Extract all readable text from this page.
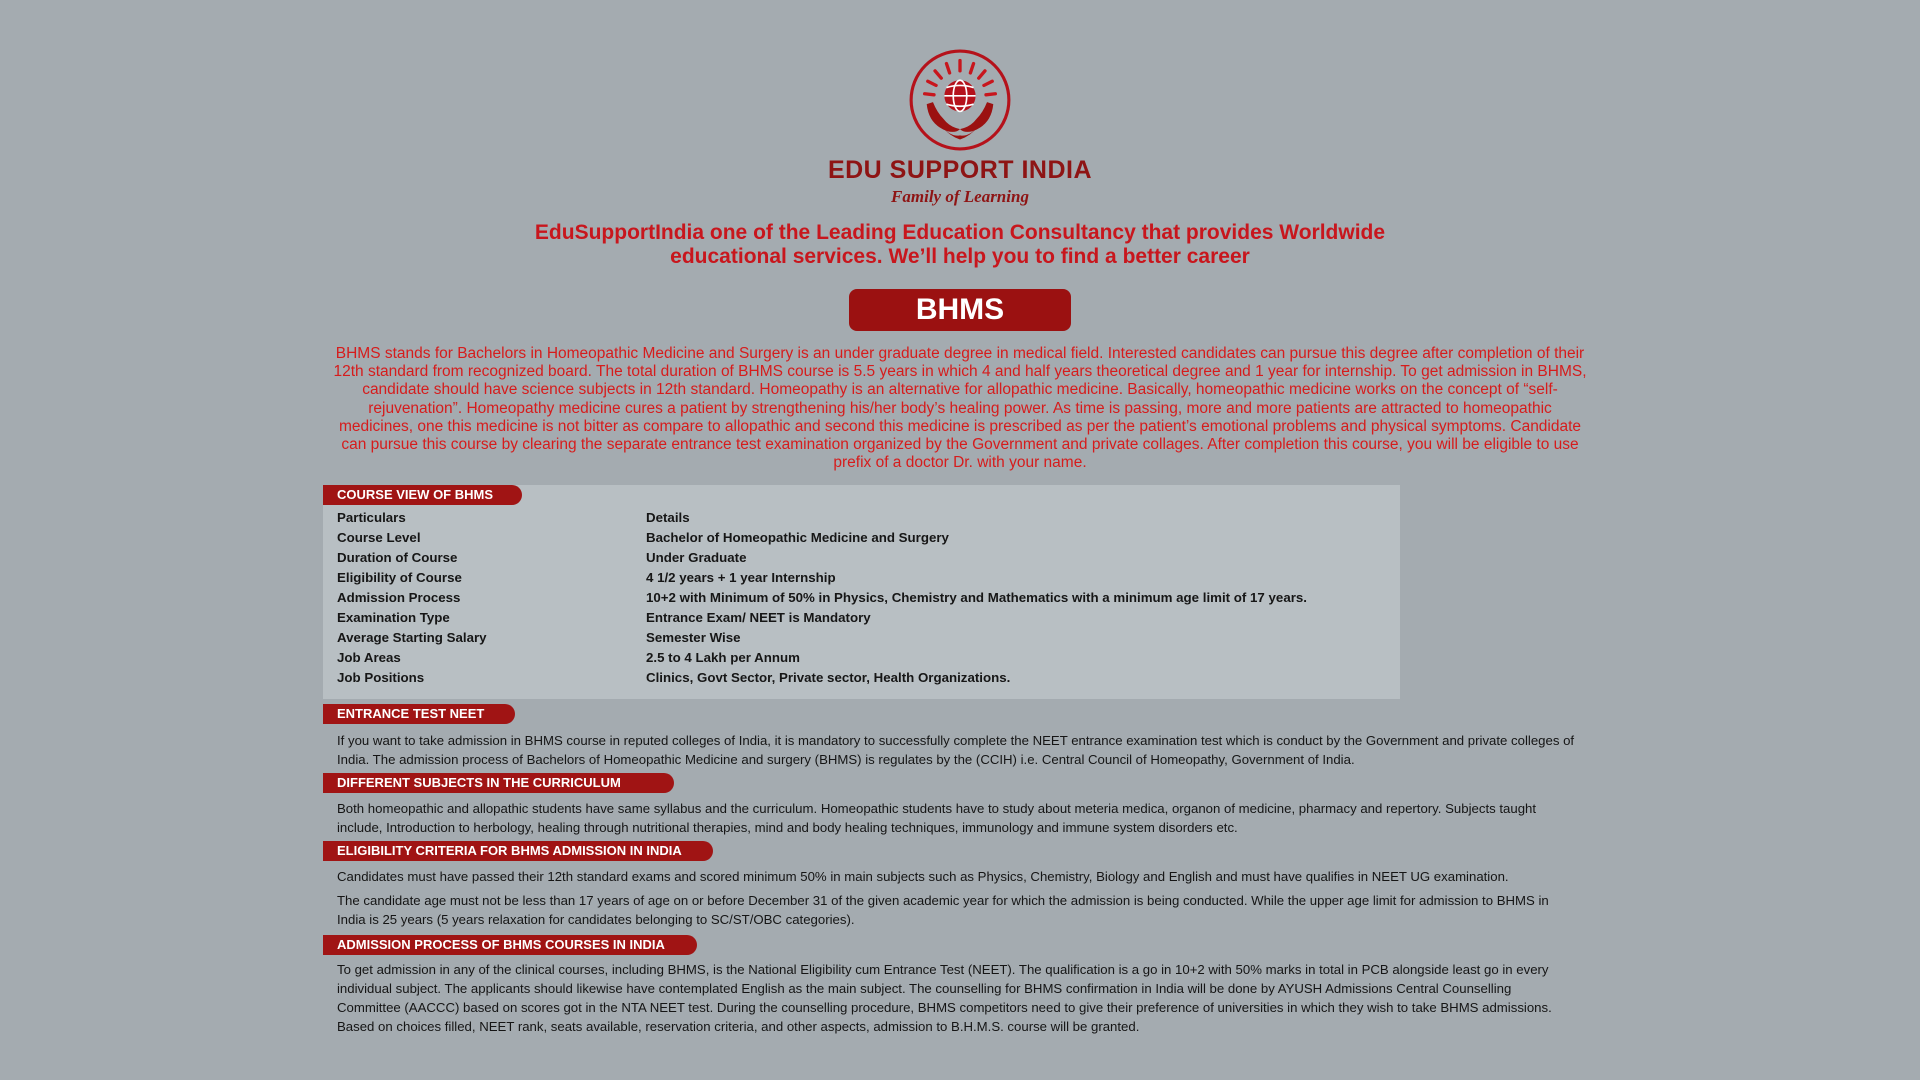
EDU SUPPORT INDIA
Family of Learning
EduSupportIndia one of the Leading Education Consultancy that provides Worldwide
educational services. We’ll help you to find a better career
BHMS
BHMS stands for Bachelors in Homeopathic Medicine and Surgery is an under graduate degree in medical field. Interested candidates can pursue this degree after completion of their 12th standard from recognized board. The total duration of BHMS course is 5.5 years in which 4 and half years theoretical degree and 1 year for internship. To get admission in BHMS, candidate should have science subjects in 12th standard. Homeopathy is an alternative for allopathic medicine. Basically, homeopathic medicine works on the concept of “self-rejuvenation”. Homeopathy medicine cures a patient by strengthening his/her body’s healing power. As time is passing, more and more patients are attracted to homeopathic medicines, one this medicine is not bitter as compare to allopathic and second this medicine is prescribed as per the patient’s emotional problems and physical symptoms. Candidate can pursue this course by clearing the separate entrance test examination organized by the Government and private collages. After completion this course, you will be eligible to use prefix of a doctor Dr. with your name.
COURSE VIEW OF BHMS
Particulars	Details
Course Level	Bachelor of Homeopathic Medicine and Surgery
Duration of Course	Under Graduate
Eligibility of Course	4 1/2 years + 1 year Internship
Admission Process	10+2 with Minimum of 50% in Physics, Chemistry and Mathematics with a minimum age limit of 17 years.
Examination Type	Entrance Exam/ NEET is Mandatory
Average Starting Salary	Semester Wise
Job Areas	2.5 to 4 Lakh per Annum
Job Positions	Clinics, Govt Sector, Private sector, Health Organizations.
ENTRANCE TEST NEET
If you want to take admission in BHMS course in reputed colleges of India, it is mandatory to successfully complete the NEET entrance examination test which is conduct by the Government and private colleges of India. The admission process of Bachelors of Homeopathic Medicine and surgery (BHMS) is regulates by the (CCIH) i.e. Central Council of Homeopathy, Government of India.
DIFFERENT SUBJECTS IN THE CURRICULUM
Both homeopathic and allopathic students have same syllabus and the curriculum. Homeopathic students have to study about meteria medica, organon of medicine, pharmacy and repertory. Subjects taught include, Introduction to herbology, healing through nutritional therapies, mind and body healing techniques, immunology and immune system disorders etc.
ELIGIBILITY CRITERIA FOR BHMS ADMISSION IN INDIA
Candidates must have passed their 12th standard exams and scored minimum 50% in main subjects such as Physics, Chemistry, Biology and English and must have qualifies in NEET UG examination.
The candidate age must not be less than 17 years of age on or before December 31 of the given academic year for which the admission is being conducted. While the upper age limit for admission to BHMS in India is 25 years (5 years relaxation for candidates belonging to SC/ST/OBC categories).
ADMISSION PROCESS OF BHMS COURSES IN INDIA
To get admission in any of the clinical courses, including BHMS, is the National Eligibility cum Entrance Test (NEET). The qualification is a go in 10+2 with 50% marks in total in PCB alongside least go in every individual subject. The applicants should likewise have contemplated English as the main subject. The counselling for BHMS confirmation in India will be done by AYUSH Admissions Central Counselling Committee (AACCC) based on scores got in the NTA NEET test. During the counselling procedure, BHMS competitors need to give their preference of universities in which they wish to take BHMS admissions. Based on choices filled, NEET rank, seats available, reservation criteria, and other aspects, admission to B.H.M.S. course will be granted.
